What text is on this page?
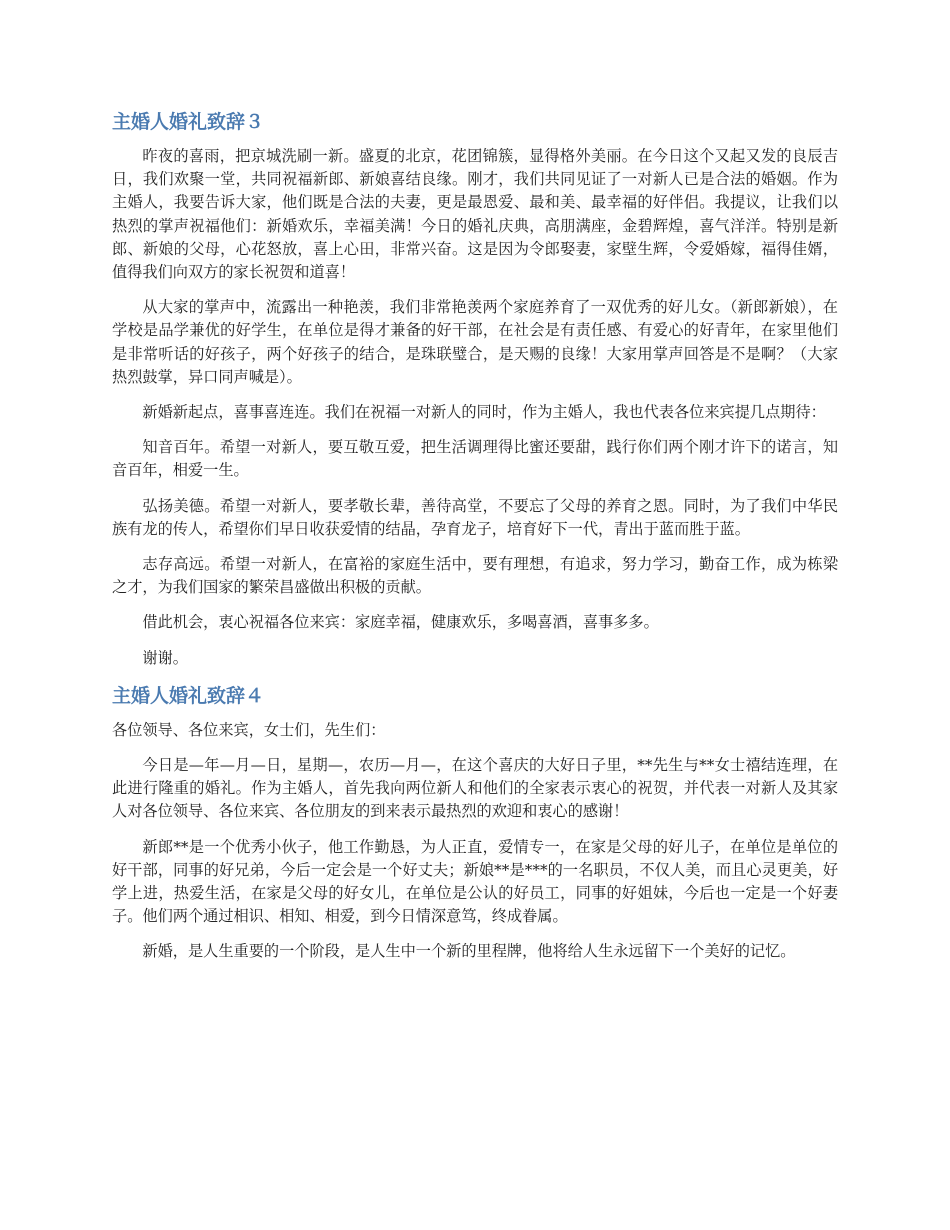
主婚人婚礼致辞３
昨夜的喜雨，把京城洗刷一新。盛夏的北京，花团锦簇，显得格外美丽。在今日这个又起又发的良辰吉日，我们欢聚一堂，共同祝福新郎、新娘喜结良缘。刚才，我们共同见证了一对新人已是合法的婚姻。作为主婚人，我要告诉大家，他们既是合法的夫妻，更是最恩爱、最和美、最幸福的好伴侣。我提议，让我们以热烈的掌声祝福他们：新婚欢乐，幸福美满！今日的婚礼庆典，高朋满座，金碧辉煌，喜气洋洋。特别是新郎、新娘的父母，心花怒放，喜上心田，非常兴奋。这是因为令郎娶妻，家壁生辉，令爱婚嫁，福得佳婿，值得我们向双方的家长祝贺和道喜！
从大家的掌声中，流露出一种艳羡，我们非常艳羡两个家庭养育了一双优秀的好儿女。（新郎新娘），在学校是品学兼优的好学生，在单位是得才兼备的好干部，在社会是有责任感、有爱心的好青年，在家里他们是非常听话的好孩子，两个好孩子的结合，是珠联璧合，是天赐的良缘！大家用掌声回答是不是啊？（大家热烈鼓掌，异口同声喊是）。
新婚新起点，喜事喜连连。我们在祝福一对新人的同时，作为主婚人，我也代表各位来宾提几点期待：
知音百年。希望一对新人，要互敬互爱，把生活调理得比蜜还要甜，践行你们两个刚才许下的诺言，知音百年，相爱一生。
弘扬美德。希望一对新人，要孝敬长辈，善待高堂，不要忘了父母的养育之恩。同时，为了我们中华民族有龙的传人，希望你们早日收获爱情的结晶，孕育龙子，培育好下一代，青出于蓝而胜于蓝。
志存高远。希望一对新人，在富裕的家庭生活中，要有理想，有追求，努力学习，勤奋工作，成为栋梁之才，为我们国家的繁荣昌盛做出积极的贡献。
借此机会，衷心祝福各位来宾：家庭幸福，健康欢乐，多喝喜酒，喜事多多。
谢谢。
主婚人婚礼致辞４
各位领导、各位来宾，女士们，先生们：
今日是—年—月—日，星期—，农历—月—，在这个喜庆的大好日子里，**先生与**女士禧结连理，在此进行隆重的婚礼。作为主婚人，首先我向两位新人和他们的全家表示衷心的祝贺，并代表一对新人及其家人对各位领导、各位来宾、各位朋友的到来表示最热烈的欢迎和衷心的感谢！
新郎**是一个优秀小伙子，他工作勤恳，为人正直，爱情专一，在家是父母的好儿子，在单位是单位的好干部，同事的好兄弟，今后一定会是一个好丈夫；新娘**是***的一名职员，不仅人美，而且心灵更美，好学上进，热爱生活，在家是父母的好女儿，在单位是公认的好员工，同事的好姐妹，今后也一定是一个好妻子。他们两个通过相识、相知、相爱，到今日情深意笃，终成眷属。
新婚，是人生重要的一个阶段，是人生中一个新的里程牌，他将给人生永远留下一个美好的记忆。
